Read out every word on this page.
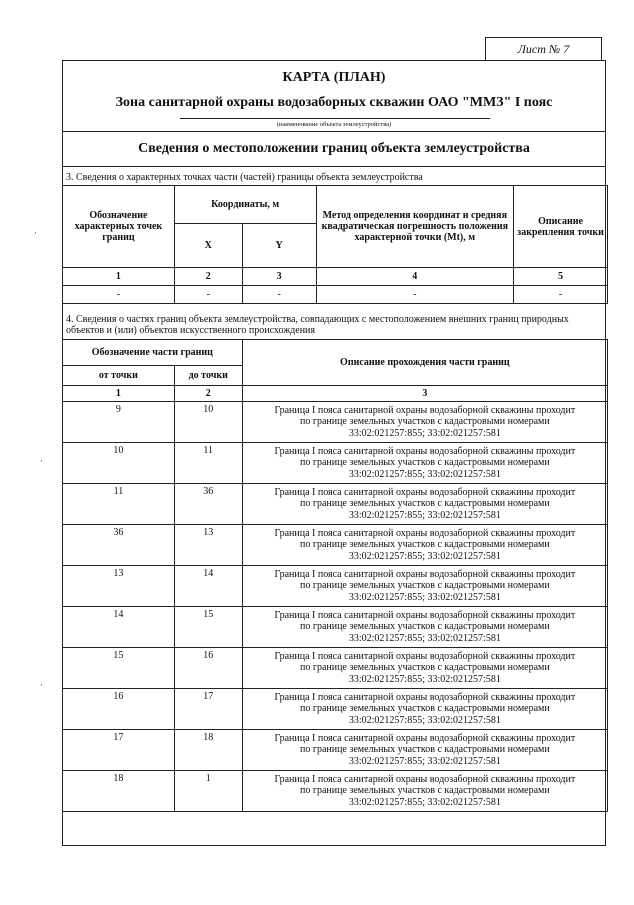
Лист № 7
КАРТА (ПЛАН)
Зона санитарной охраны водозаборных скважин ОАО "ММЗ" I пояс
(наименование объекта землеустройства)
Сведения о местоположении границ объекта землеустройства
3. Сведения о характерных точках части (частей) границы объекта землеустройства
Обозначение характерных точек границ	Координаты, м		Метод определения координат и средняя квадратическая погрешность положения характерной точки (Mt), м	Описание закрепления точки
	X	Y		
1	2	3	4	5
-	-	-	-	-
4. Сведения о частях границ объекта землеустройства, совпадающих с местоположением внешних границ природных объектов и (или) объектов искусственного происхождения
Обозначение части границ		Описание прохождения части границ
от точки	до точки	
1	2	3
9	10	Граница I пояса санитарной охраны водозаборной скважины проходит
по границе земельных участков с кадастровыми номерами
33:02:021257:855; 33:02:021257:581

10	11	Граница I пояса санитарной охраны водозаборной скважины проходит
по границе земельных участков с кадастровыми номерами
33:02:021257:855; 33:02:021257:581

11	36	Граница I пояса санитарной охраны водозаборной скважины проходит
по границе земельных участков с кадастровыми номерами
33:02:021257:855; 33:02:021257:581

36	13	Граница I пояса санитарной охраны водозаборной скважины проходит
по границе земельных участков с кадастровыми номерами
33:02:021257:855; 33:02:021257:581

13	14	Граница I пояса санитарной охраны водозаборной скважины проходит
по границе земельных участков с кадастровыми номерами
33:02:021257:855; 33:02:021257:581

14	15	Граница I пояса санитарной охраны водозаборной скважины проходит
по границе земельных участков с кадастровыми номерами
33:02:021257:855; 33:02:021257:581

15	16	Граница I пояса санитарной охраны водозаборной скважины проходит
по границе земельных участков с кадастровыми номерами
33:02:021257:855; 33:02:021257:581

16	17	Граница I пояса санитарной охраны водозаборной скважины проходит
по границе земельных участков с кадастровыми номерами
33:02:021257:855; 33:02:021257:581

17	18	Граница I пояса санитарной охраны водозаборной скважины проходит
по границе земельных участков с кадастровыми номерами
33:02:021257:855; 33:02:021257:581

18	1	Граница I пояса санитарной охраны водозаборной скважины проходит
по границе земельных участков с кадастровыми номерами
33:02:021257:855; 33:02:021257:581
·
·
·
